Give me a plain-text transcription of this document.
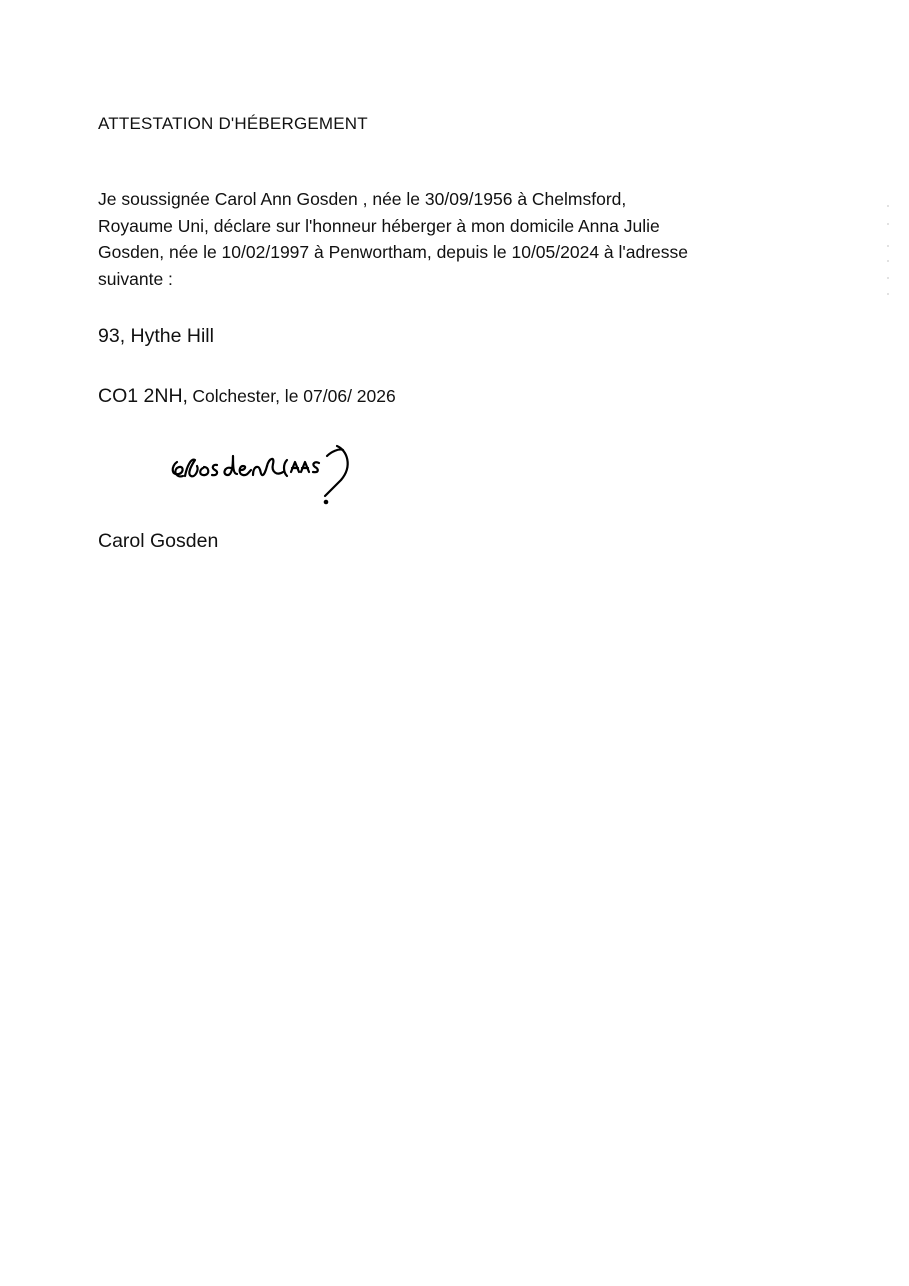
ATTESTATION D'HÉBERGEMENT
Je soussignée Carol Ann Gosden , née le 30/09/1956 à Chelmsford,
Royaume Uni, déclare sur l'honneur héberger à mon domicile Anna Julie
Gosden, née le 10/02/1997 à Penwortham, depuis le 10/05/2024 à l'adresse
suivante :
93, Hythe Hill
CO1 2NH, Colchester, le 07/06/ 2026
Carol Gosden
